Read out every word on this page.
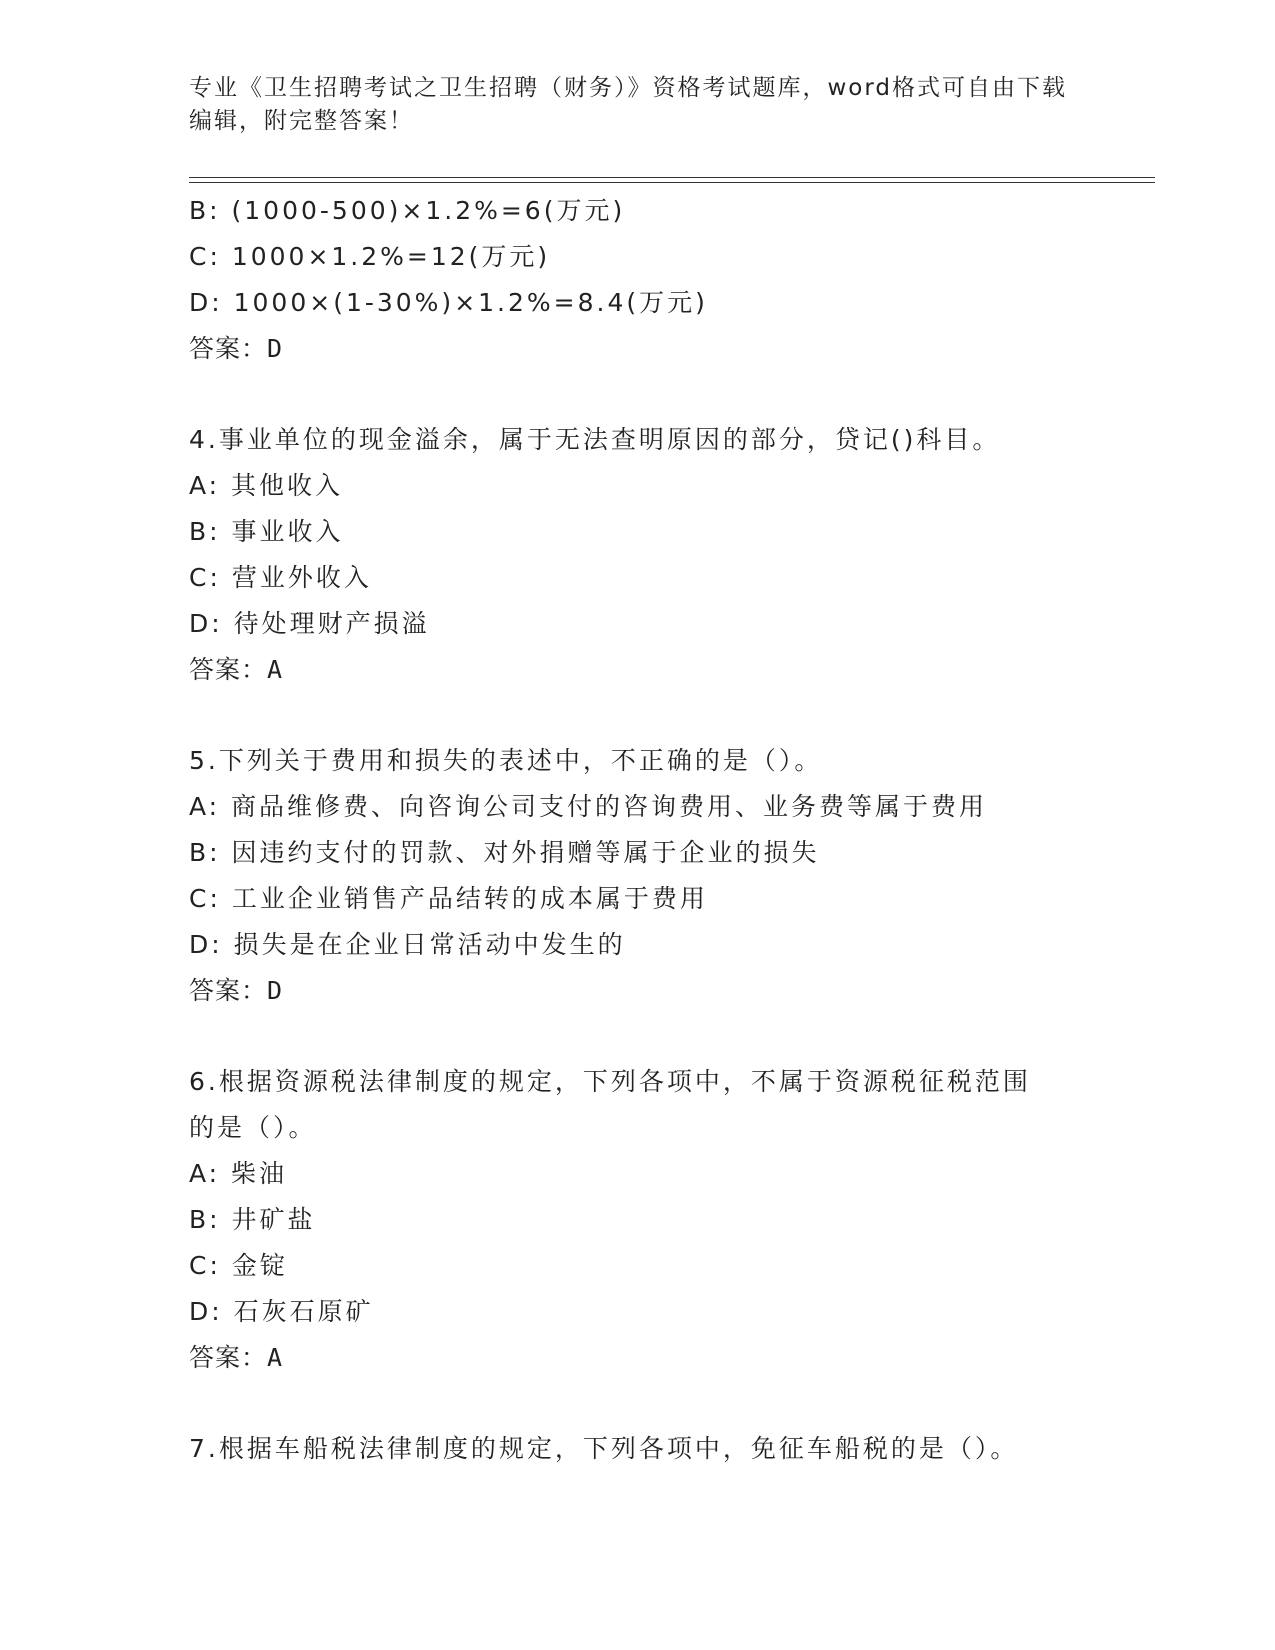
专业《卫生招聘考试之卫生招聘（财务）》资格考试题库，word格式可自由下载编辑，附完整答案！
B: (1000-500)×1.2%=6(万元)
C: 1000×1.2%=12(万元)
D: 1000×(1-30%)×1.2%=8.4(万元)
答案：D
4.事业单位的现金溢余，属于无法查明原因的部分，贷记()科目。
A: 其他收入
B: 事业收入
C: 营业外收入
D: 待处理财产损溢
答案：A
5.下列关于费用和损失的表述中，不正确的是（）。
A: 商品维修费、向咨询公司支付的咨询费用、业务费等属于费用
B: 因违约支付的罚款、对外捐赠等属于企业的损失
C: 工业企业销售产品结转的成本属于费用
D: 损失是在企业日常活动中发生的
答案：D
6.根据资源税法律制度的规定，下列各项中，不属于资源税征税范围
的是（）。
A: 柴油
B: 井矿盐
C: 金锭
D: 石灰石原矿
答案：A
7.根据车船税法律制度的规定，下列各项中，免征车船税的是（）。
